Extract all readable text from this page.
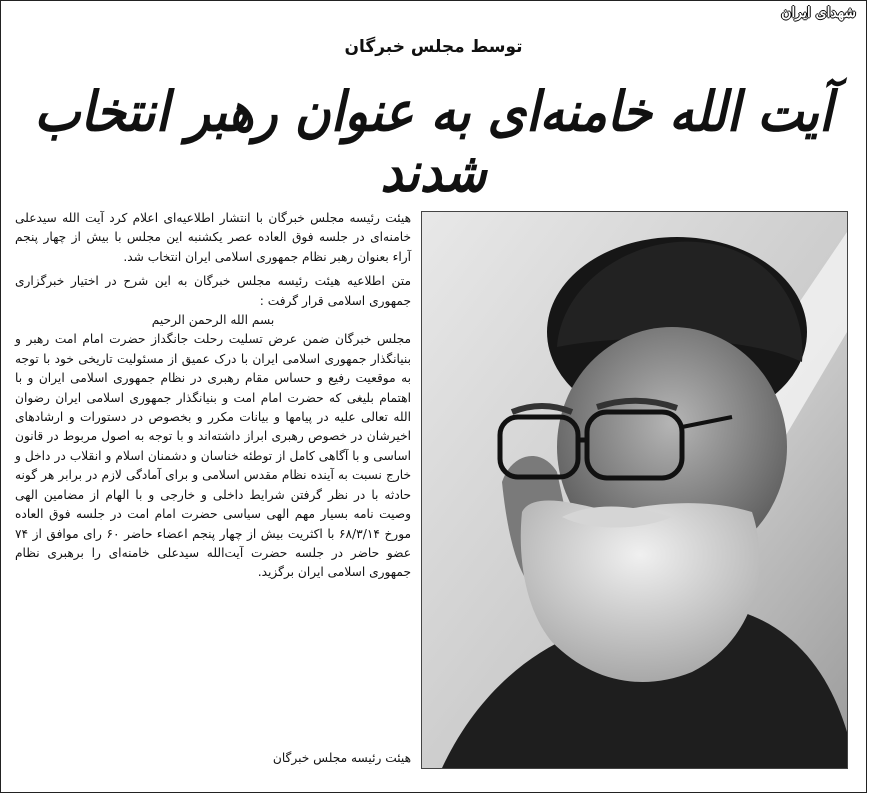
شهدای ایران
توسط مجلس خبرگان
آیت الله خامنه‌ای به عنوان رهبر انتخاب شدند

هیئت رئیسه مجلس خبرگان با انتشار اطلاعیه‌ای اعلام کرد آیت الله سیدعلی خامنه‌ای در جلسه فوق العاده عصر یکشنبه این مجلس با بیش از چهار پنجم آراء بعنوان رهبر نظام جمهوری اسلامی ایران انتخاب شد.

متن اطلاعیه هیئت رئیسه مجلس خبرگان به این شرح در اختیار خبرگزاری جمهوری اسلامی قرار گرفت :

بسم الله الرحمن الرحیم

مجلس خبرگان ضمن عرض تسلیت رحلت جانگداز حضرت امام امت رهبر و بنیانگذار جمهوری اسلامی ایران با درک عمیق از مسئولیت تاریخی خود با توجه به موقعیت رفیع و حساس مقام رهبری در نظام جمهوری اسلامی ایران و با اهتمام بلیغی که حضرت امام امت و بنیانگذار جمهوری اسلامی ایران رضوان الله تعالی علیه در پیامها و بیانات مکرر و بخصوص در دستورات و ارشادهای اخیرشان در خصوص رهبری ابراز داشته‌اند و با توجه به اصول مربوط در قانون اساسی و با آگاهی کامل از توطئه خناسان و دشمنان اسلام و انقلاب در داخل و خارج نسبت به آینده نظام مقدس اسلامی و برای آمادگی لازم در برابر هر گونه حادثه با در نظر گرفتن شرایط داخلی و خارجی و با الهام از مضامین الهی وصیت نامه بسیار مهم الهی سیاسی حضرت امام امت در جلسه فوق العاده مورخ ۶۸/۳/۱۴ با اکثریت بیش از چهار پنجم اعضاء حاضر ۶۰ رای موافق از ۷۴ عضو حاضر در جلسه حضرت آیت‌الله سیدعلی خامنه‌ای را برهبری نظام جمهوری اسلامی ایران برگزید.

هیئت رئیسه مجلس خبرگان
